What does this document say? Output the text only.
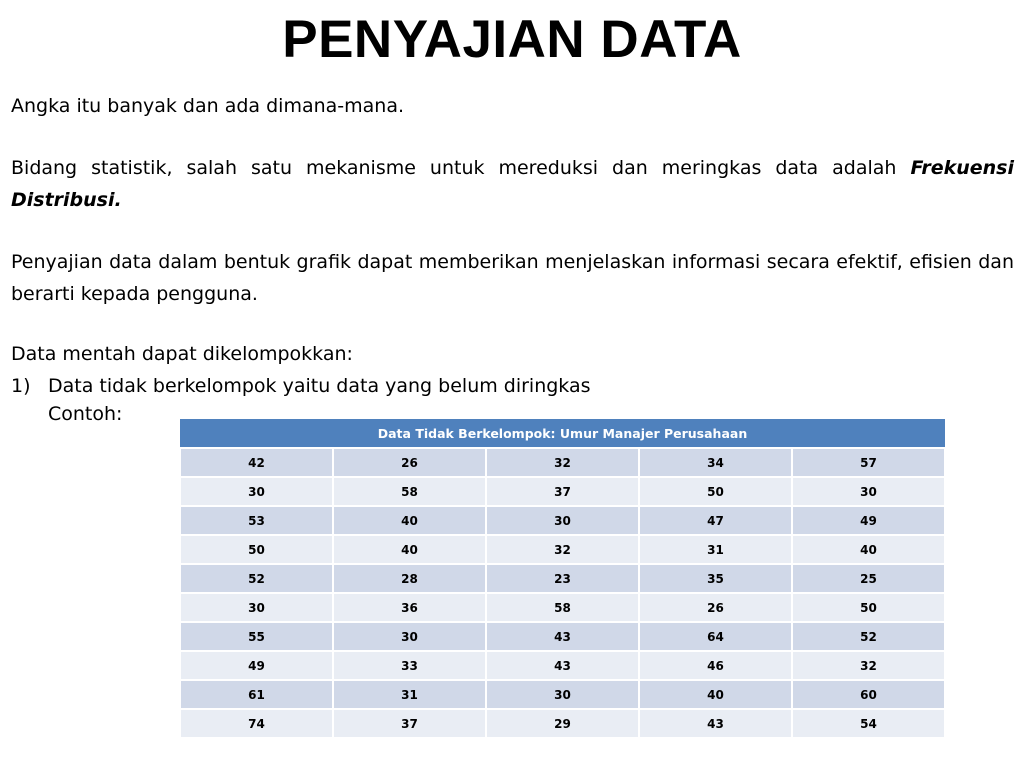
PENYAJIAN DATA

Angka itu banyak dan ada dimana-mana.

Bidang statistik, salah satu mekanisme untuk mereduksi dan meringkas data adalah Frekuensi Distribusi.

Penyajian data dalam bentuk grafik dapat memberikan menjelaskan informasi secara efektif, efisien dan berarti kepada pengguna.

Data mentah dapat dikelompokkan:

1) Data tidak berkelompok yaitu data yang belum diringkas
Contoh:
Data Tidak Berkelompok: Umur Manajer Perusahaan				
42	26	32	34	57
30	58	37	50	30
53	40	30	47	49
50	40	32	31	40
52	28	23	35	25
30	36	58	26	50
55	30	43	64	52
49	33	43	46	32
61	31	30	40	60
74	37	29	43	54
